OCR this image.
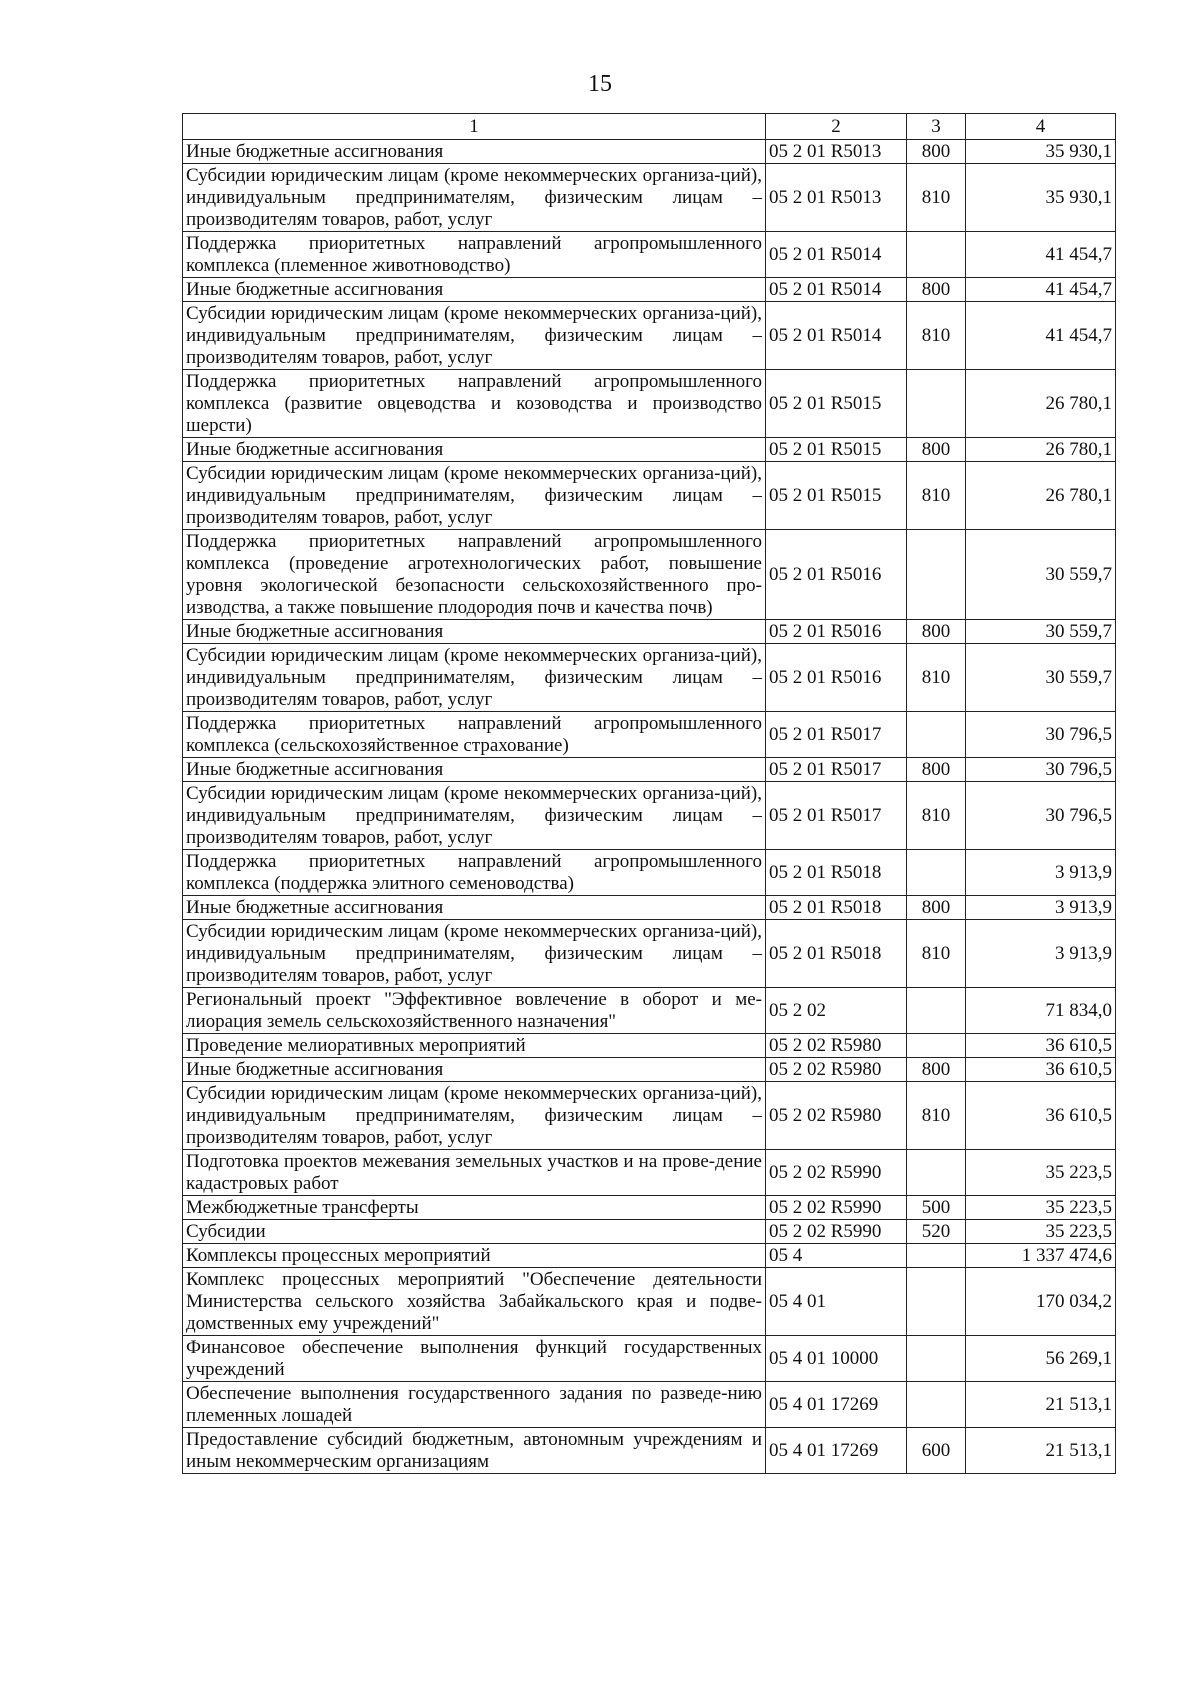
15
1	2	3	4
Иные бюджетные ассигнования	05 2 01 R5013	800	35 930,1
Субсидии юридическим лицам (кроме некоммерческих организа-ций), индивидуальным предпринимателям, физическим лицам – производителям товаров, работ, услуг	05 2 01 R5013	810	35 930,1
Поддержка приоритетных направлений агропромышленного комплекса (племенное животноводство)	05 2 01 R5014		41 454,7
Иные бюджетные ассигнования	05 2 01 R5014	800	41 454,7
Субсидии юридическим лицам (кроме некоммерческих организа-ций), индивидуальным предпринимателям, физическим лицам – производителям товаров, работ, услуг	05 2 01 R5014	810	41 454,7
Поддержка приоритетных направлений агропромышленного комплекса (развитие овцеводства и козоводства и производство шерсти)	05 2 01 R5015		26 780,1
Иные бюджетные ассигнования	05 2 01 R5015	800	26 780,1
Субсидии юридическим лицам (кроме некоммерческих организа-ций), индивидуальным предпринимателям, физическим лицам – производителям товаров, работ, услуг	05 2 01 R5015	810	26 780,1
Поддержка приоритетных направлений агропромышленного комплекса (проведение агротехнологических работ, повышение уровня экологической безопасности сельскохозяйственного про-изводства, а также повышение плодородия почв и качества почв)	05 2 01 R5016		30 559,7
Иные бюджетные ассигнования	05 2 01 R5016	800	30 559,7
Субсидии юридическим лицам (кроме некоммерческих организа-ций), индивидуальным предпринимателям, физическим лицам – производителям товаров, работ, услуг	05 2 01 R5016	810	30 559,7
Поддержка приоритетных направлений агропромышленного комплекса (сельскохозяйственное страхование)	05 2 01 R5017		30 796,5
Иные бюджетные ассигнования	05 2 01 R5017	800	30 796,5
Субсидии юридическим лицам (кроме некоммерческих организа-ций), индивидуальным предпринимателям, физическим лицам – производителям товаров, работ, услуг	05 2 01 R5017	810	30 796,5
Поддержка приоритетных направлений агропромышленного комплекса (поддержка элитного семеноводства)	05 2 01 R5018		3 913,9
Иные бюджетные ассигнования	05 2 01 R5018	800	3 913,9
Субсидии юридическим лицам (кроме некоммерческих организа-ций), индивидуальным предпринимателям, физическим лицам – производителям товаров, работ, услуг	05 2 01 R5018	810	3 913,9
Региональный проект "Эффективное вовлечение в оборот и ме-лиорация земель сельскохозяйственного назначения"	05 2 02		71 834,0
Проведение мелиоративных мероприятий	05 2 02 R5980		36 610,5
Иные бюджетные ассигнования	05 2 02 R5980	800	36 610,5
Субсидии юридическим лицам (кроме некоммерческих организа-ций), индивидуальным предпринимателям, физическим лицам – производителям товаров, работ, услуг	05 2 02 R5980	810	36 610,5
Подготовка проектов межевания земельных участков и на прове-дение кадастровых работ	05 2 02 R5990		35 223,5
Межбюджетные трансферты	05 2 02 R5990	500	35 223,5
Субсидии	05 2 02 R5990	520	35 223,5
Комплексы процессных мероприятий	05 4		1 337 474,6
Комплекс процессных мероприятий "Обеспечение деятельности Министерства сельского хозяйства Забайкальского края и подве-домственных ему учреждений"	05 4 01		170 034,2
Финансовое обеспечение выполнения функций государственных учреждений	05 4 01 10000		56 269,1
Обеспечение выполнения государственного задания по разведе-нию племенных лошадей	05 4 01 17269		21 513,1
Предоставление субсидий бюджетным, автономным учреждениям и иным некоммерческим организациям	05 4 01 17269	600	21 513,1
